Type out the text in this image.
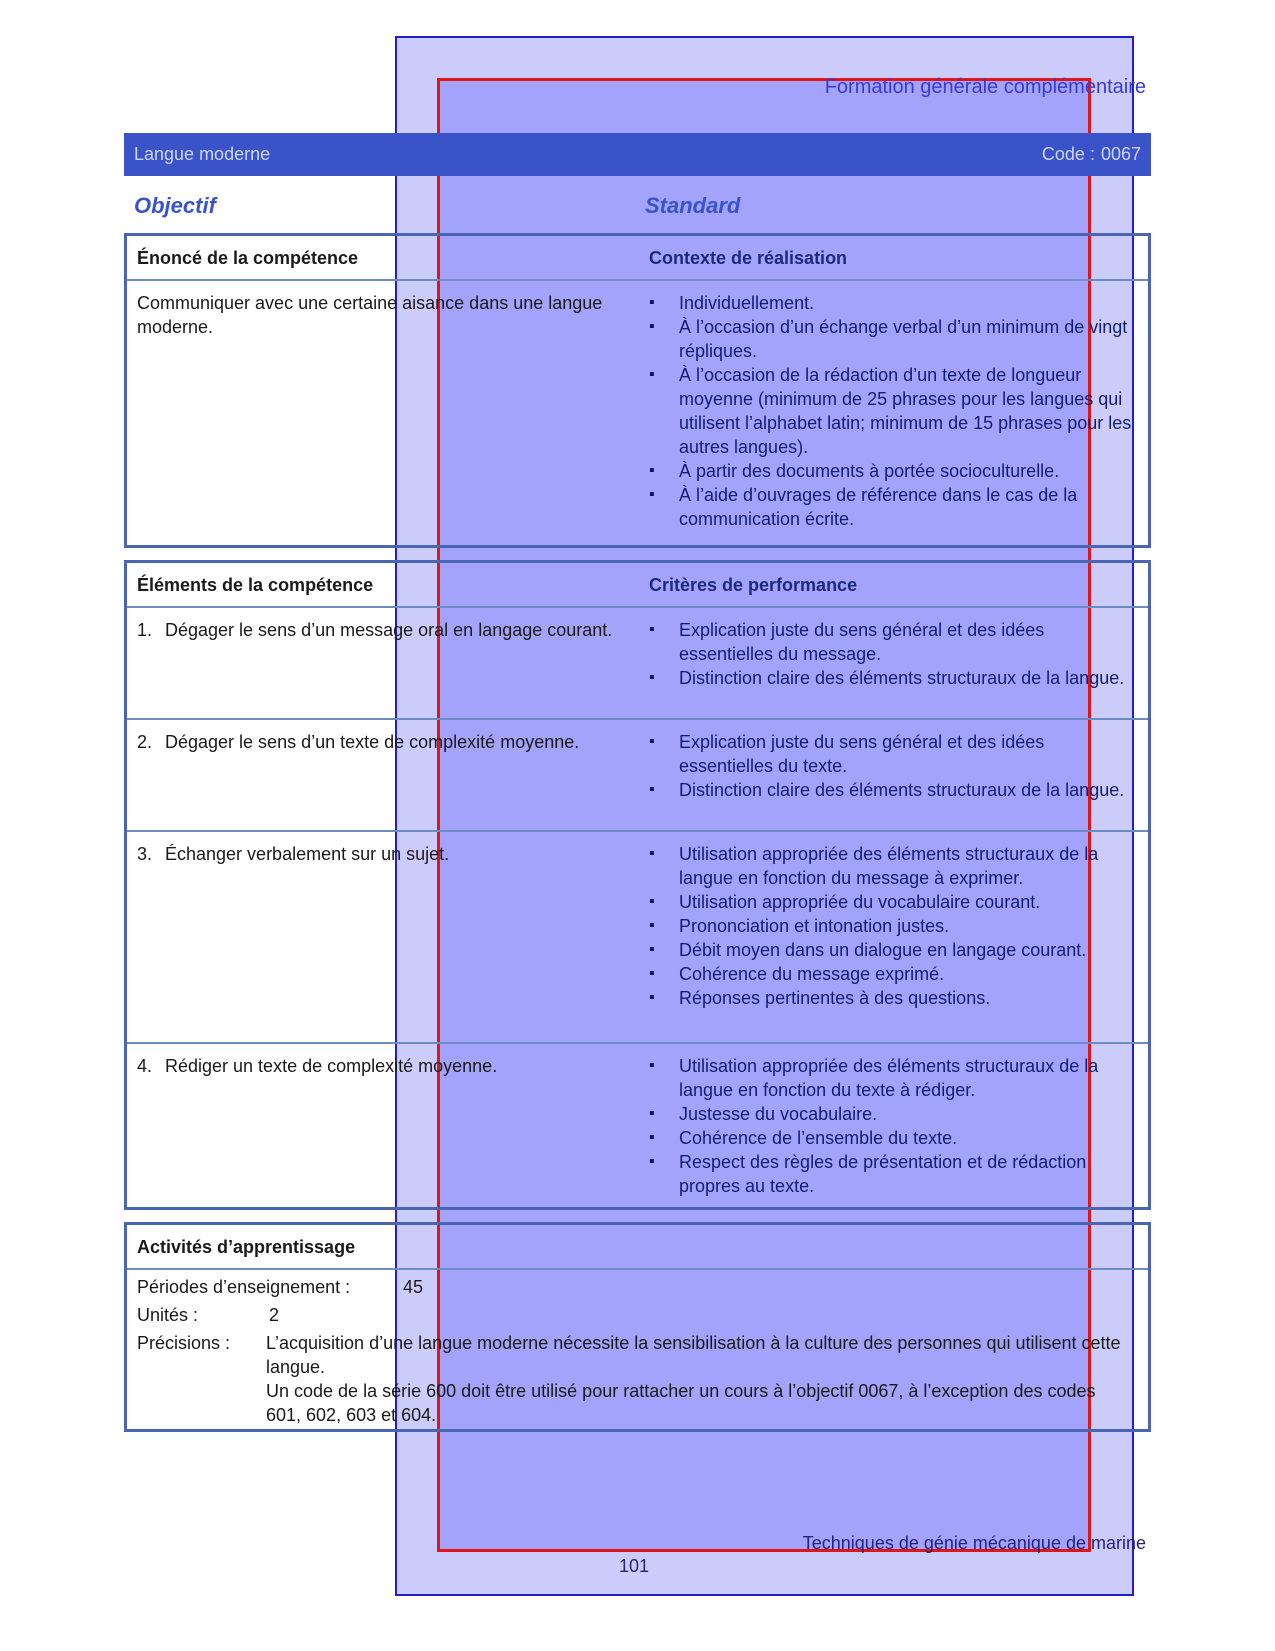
Formation générale complémentaire
Langue moderne	Code : 0067
Objectif	Standard
Énoncé de la compétence	Contexte de réalisation
Communiquer avec une certaine aisance dans une langue moderne.
▪ Individuellement.
▪ À l’occasion d’un échange verbal d’un minimum de vingt répliques.
▪ À l’occasion de la rédaction d’un texte de longueur moyenne (minimum de 25 phrases pour les langues qui utilisent l’alphabet latin; minimum de 15 phrases pour les autres langues).
▪ À partir des documents à portée socioculturelle.
▪ À l’aide d’ouvrages de référence dans le cas de la communication écrite.
Éléments de la compétence	Critères de performance
1. Dégager le sens d’un message oral en langage courant.	▪ Explication juste du sens général et des idées essentielles du message.
▪ Distinction claire des éléments structuraux de la langue.
2. Dégager le sens d’un texte de complexité moyenne.	▪ Explication juste du sens général et des idées essentielles du texte.
▪ Distinction claire des éléments structuraux de la langue.
3. Échanger verbalement sur un sujet.	▪ Utilisation appropriée des éléments structuraux de la langue en fonction du message à exprimer.
▪ Utilisation appropriée du vocabulaire courant.
▪ Prononciation et intonation justes.
▪ Débit moyen dans un dialogue en langage courant.
▪ Cohérence du message exprimé.
▪ Réponses pertinentes à des questions.
4. Rédiger un texte de complexité moyenne.	▪ Utilisation appropriée des éléments structuraux de la langue en fonction du texte à rédiger.
▪ Justesse du vocabulaire.
▪ Cohérence de l’ensemble du texte.
▪ Respect des règles de présentation et de rédaction propres au texte.
Activités d’apprentissage
Périodes d’enseignement :	45
Unités :	2
Précisions : L’acquisition d’une langue moderne nécessite la sensibilisation à la culture des personnes qui utilisent cette langue.

Un code de la série 600 doit être utilisé pour rattacher un cours à l’objectif 0067, à l’exception des codes 601, 602, 603 et 604.

Techniques de génie mécanique de marine
101
